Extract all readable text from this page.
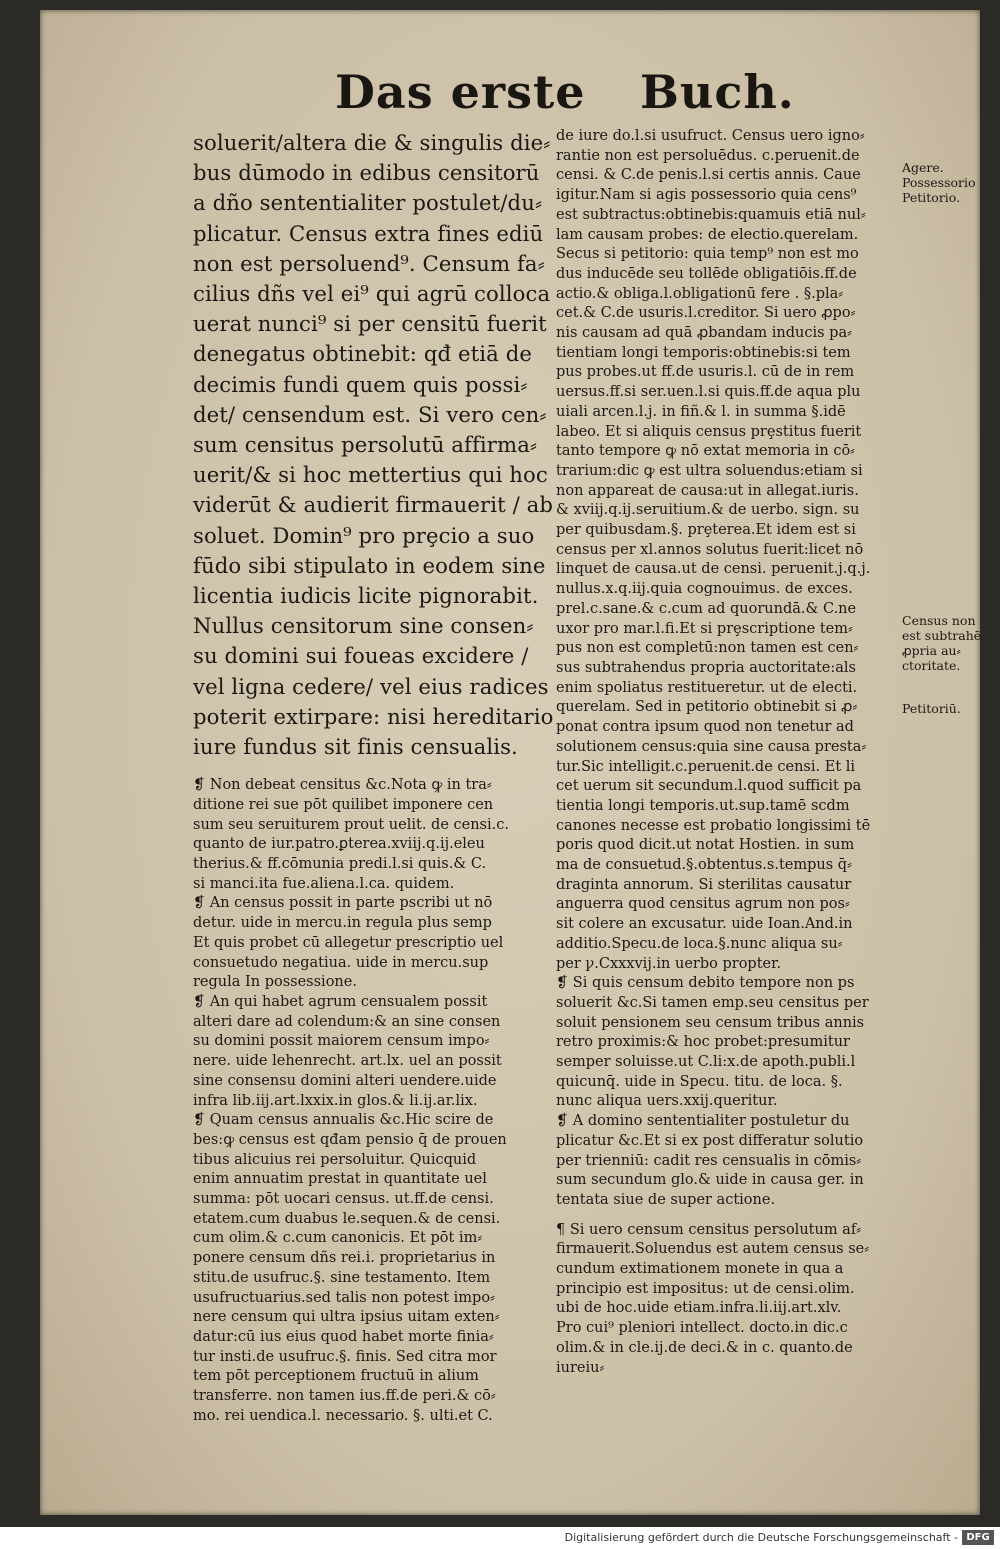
Das erste Buch.

soluerit/altera die & singulis die⸗

bus dūmodo in edibus censitorū

a dño sententialiter postulet/du⸗

plicatur. Census extra fines ediū

non est persoluend⁹. Censum fa⸗

cilius dñs vel ei⁹ qui agrū colloca

uerat nunci⁹ si per censitū fuerit

denegatus obtinebit: qđ etiā de

decimis fundi quem quis possi⸗

det/ censendum est. Si vero cen⸗

sum censitus persolutū affirma⸗

uerit/& si hoc mettertius qui hoc

viderūt & audierit firmauerit / ab

soluet. Domin⁹ pro prȩcio a suo

fūdo sibi stipulato in eodem sine

licentia iudicis licite pignorabit.

Nullus censitorum sine consen⸗

su domini sui foueas excidere /

vel ligna cedere/ vel eius radices

poterit extirpare: nisi hereditario

iure fundus sit finis censualis.

❡ Non debeat censitus &c.Nota ꝙ in tra⸗

ditione rei sue pōt quilibet imponere cen

sum seu seruiturem prout uelit. de censi.c.

quanto de iur.patro.ꝑterea.xviij.q.ij.eleu

therius.& ff.cōmunia predi.l.si quis.& C.

si manci.ita fue.aliena.l.ca. quidem.

❡ An census possit in parte pscribi ut nō

detur. uide in mercu.in regula plus semp

Et quis probet cū allegetur prescriptio uel

consuetudo negatiua. uide in mercu.sup

regula In possessione.

❡ An qui habet agrum censualem possit

alteri dare ad colendum:& an sine consen

su domini possit maiorem censum impo⸗

nere. uide lehenrecht. art.lx. uel an possit

sine consensu domini alteri uendere.uide

infra lib.iij.art.lxxix.in glos.& li.ij.ar.lix.

❡ Quam census annualis &c.Hic scire de

bes:ꝙ census est qđam pensio q̄ de prouen

tibus alicuius rei persoluitur. Quicquid

enim annuatim prestat in quantitate uel

summa: pōt uocari census. ut.ff.de censi.

etatem.cum duabus le.sequen.& de censi.

cum olim.& c.cum canonicis. Et pōt im⸗

ponere censum dñs rei.i. proprietarius in

stitu.de usufruc.§. sine testamento. Item

usufructuarius.sed talis non potest impo⸗

nere censum qui ultra ipsius uitam exten⸗

datur:cū ius eius quod habet morte finia⸗

tur insti.de usufruc.§. finis. Sed citra mor

tem pōt perceptionem fructuū in alium

transferre. non tamen ius.ff.de peri.& cō⸗

mo. rei uendica.l. necessario. §. ulti.et C.

de iure do.l.si usufruct. Census uero igno⸗

rantie non est persoluēdus. c.peruenit.de

censi. & C.de penis.l.si certis annis. Caue

igitur.Nam si agis possessorio quia cens⁹

est subtractus:obtinebis:quamuis etiā nul⸗

lam causam probes: de electio.querelam.

Secus si petitorio: quia temp⁹ non est mo

dus inducēde seu tollēde obligatiōis.ff.de

actio.& obliga.l.obligationū fere . §.pla⸗

cet.& C.de usuris.l.creditor. Si uero ꝓpo⸗

nis causam ad quā ꝓbandam inducis pa⸗

tientiam longi temporis:obtinebis:si tem

pus probes.ut ff.de usuris.l. cū de in rem

uersus.ff.si ser.uen.l.si quis.ff.de aqua plu

uiali arcen.l.j. in fiñ.& l. in summa §.idē

labeo. Et si aliquis census prȩstitus fuerit

tanto tempore ꝙ nō extat memoria in cō⸗

trarium:dic ꝙ est ultra soluendus:etiam si

non appareat de causa:ut in allegat.iuris.

& xviij.q.ij.seruitium.& de uerbo. sign. su

per quibusdam.§. prȩterea.Et idem est si

census per xl.annos solutus fuerit:licet nō

linquet de causa.ut de censi. peruenit.j.q.j.

nullus.x.q.iij.quia cognouimus. de exces.

prel.c.sane.& c.cum ad quorundā.& C.ne

uxor pro mar.l.fi.Et si prȩscriptione tem⸗

pus non est completū:non tamen est cen⸗

sus subtrahendus propria auctoritate:als

enim spoliatus restitueretur. ut de electi.

querelam. Sed in petitorio obtinebit si ꝓ⸗

ponat contra ipsum quod non tenetur ad

solutionem census:quia sine causa presta⸗

tur.Sic intelligit.c.peruenit.de censi. Et li

cet uerum sit secundum.l.quod sufficit pa

tientia longi temporis.ut.sup.tamē scdm

canones necesse est probatio longissimi tē

poris quod dicit.ut notat Hostien. in sum

ma de consuetud.§.obtentus.s.tempus q̄⸗

draginta annorum. Si sterilitas causatur

anguerra quod censitus agrum non pos⸗

sit colere an excusatur. uide Ioan.And.in

additio.Specu.de loca.§.nunc aliqua su⸗

per ꝩ.Cxxxvij.in uerbo propter.

❡ Si quis censum debito tempore non ps

soluerit &c.Si tamen emp.seu censitus per

soluit pensionem seu censum tribus annis

retro proximis:& hoc probet:presumitur

semper soluisse.ut C.li:x.de apoth.publi.l

quicunq̄. uide in Specu. titu. de loca. §.

nunc aliqua uers.xxij.queritur.

❡ A domino sententialiter postuletur du

plicatur &c.Et si ex post differatur solutio

per trienniū: cadit res censualis in cōmis⸗

sum secundum glo.& uide in causa ger. in

tentata siue de super actione.

¶ Si uero censum censitus persolutum af⸗

firmauerit.Soluendus est autem census se⸗

cundum extimationem monete in qua a

principio est impositus: ut de censi.olim.

ubi de hoc.uide etiam.infra.li.iij.art.xlv.

Pro cui⁹ pleniori intellect. docto.in dic.c

olim.& in cle.ij.de deci.& in c. quanto.de

iureiu⸗

Agere.
Possessorio
Petitorio.
Census non
est subtrahē
ꝓpria au⸗
ctoritate.
Petitoriū.
Digitalisierung gefördert durch die Deutsche Forschungsgemeinschaft - DFG
